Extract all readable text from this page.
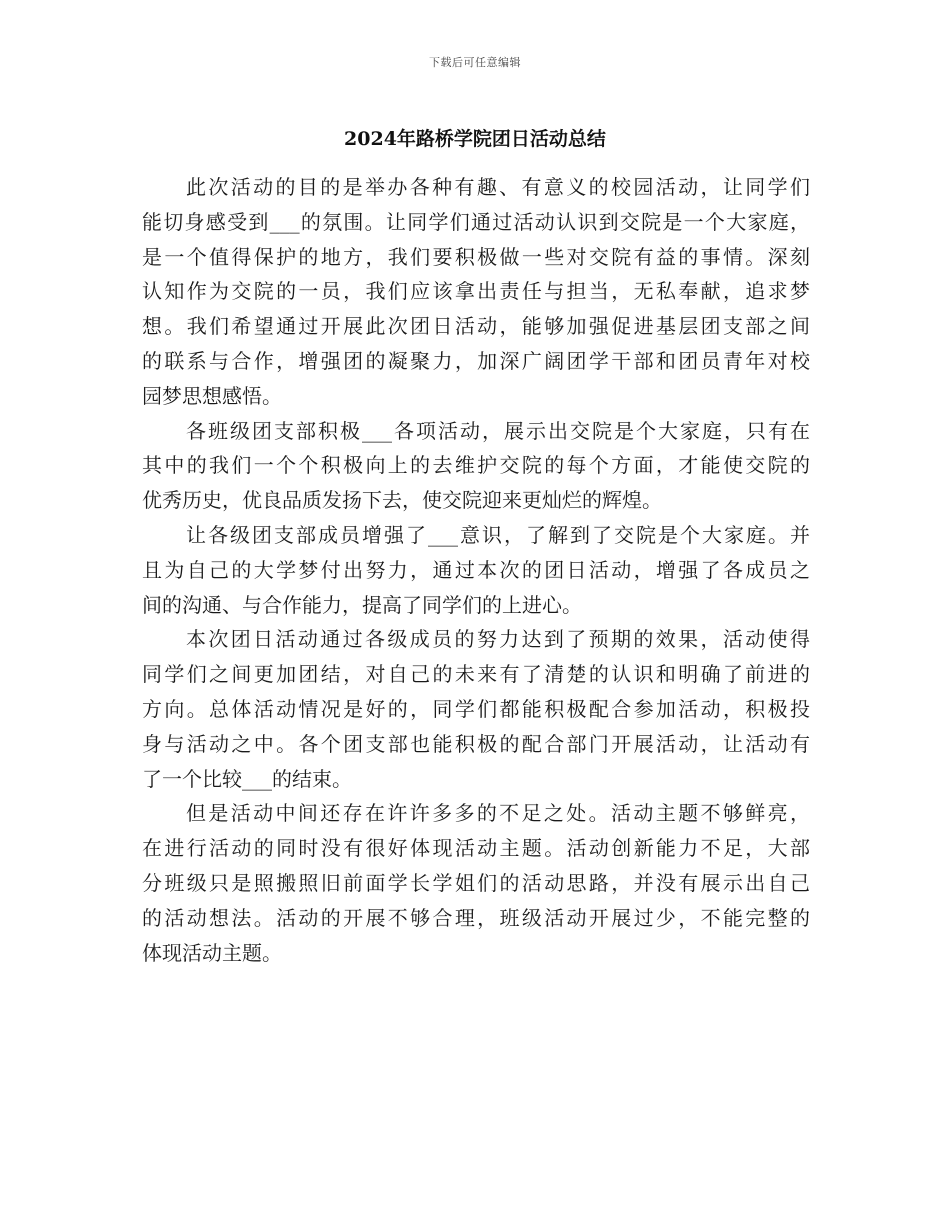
下载后可任意编辑
2024年路桥学院团日活动总结
此次活动的目的是举办各种有趣、有意义的校园活动，让同学们
能切身感受到___的氛围。让同学们通过活动认识到交院是一个大家庭，
是一个值得保护的地方，我们要积极做一些对交院有益的事情。深刻
认知作为交院的一员，我们应该拿出责任与担当，无私奉献，追求梦
想。我们希望通过开展此次团日活动，能够加强促进基层团支部之间
的联系与合作，增强团的凝聚力，加深广阔团学干部和团员青年对校
园梦思想感悟。
各班级团支部积极___各项活动，展示出交院是个大家庭，只有在
其中的我们一个个积极向上的去维护交院的每个方面，才能使交院的
优秀历史，优良品质发扬下去，使交院迎来更灿烂的辉煌。
让各级团支部成员增强了___意识，了解到了交院是个大家庭。并
且为自己的大学梦付出努力，通过本次的团日活动，增强了各成员之
间的沟通、与合作能力，提高了同学们的上进心。
本次团日活动通过各级成员的努力达到了预期的效果，活动使得
同学们之间更加团结，对自己的未来有了清楚的认识和明确了前进的
方向。总体活动情况是好的，同学们都能积极配合参加活动，积极投
身与活动之中。各个团支部也能积极的配合部门开展活动，让活动有
了一个比较___的结束。
但是活动中间还存在许许多多的不足之处。活动主题不够鲜亮，
在进行活动的同时没有很好体现活动主题。活动创新能力不足，大部
分班级只是照搬照旧前面学长学姐们的活动思路，并没有展示出自己
的活动想法。活动的开展不够合理，班级活动开展过少，不能完整的
体现活动主题。
